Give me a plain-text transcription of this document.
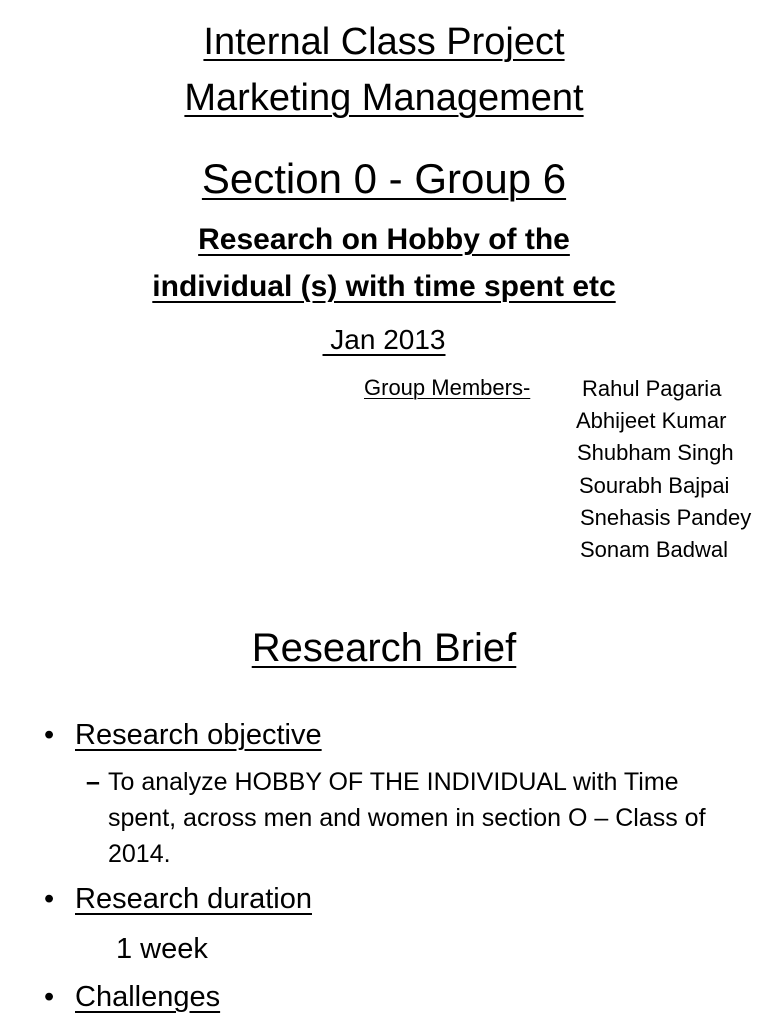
Internal Class Project
Marketing Management
Section 0 - Group 6
Research on Hobby of the
individual (s) with time spent etc
Jan 2013
Group Members- Rahul Pagaria
Abhijeet Kumar
Shubham Singh
Sourabh Bajpai
Snehasis Pandey
Sonam Badwal
Research Brief
• Research objective
– To analyze HOBBY OF THE INDIVIDUAL with Time spent, across men and women in section O – Class of 2014.
• Research duration
1 week
• Challenges
